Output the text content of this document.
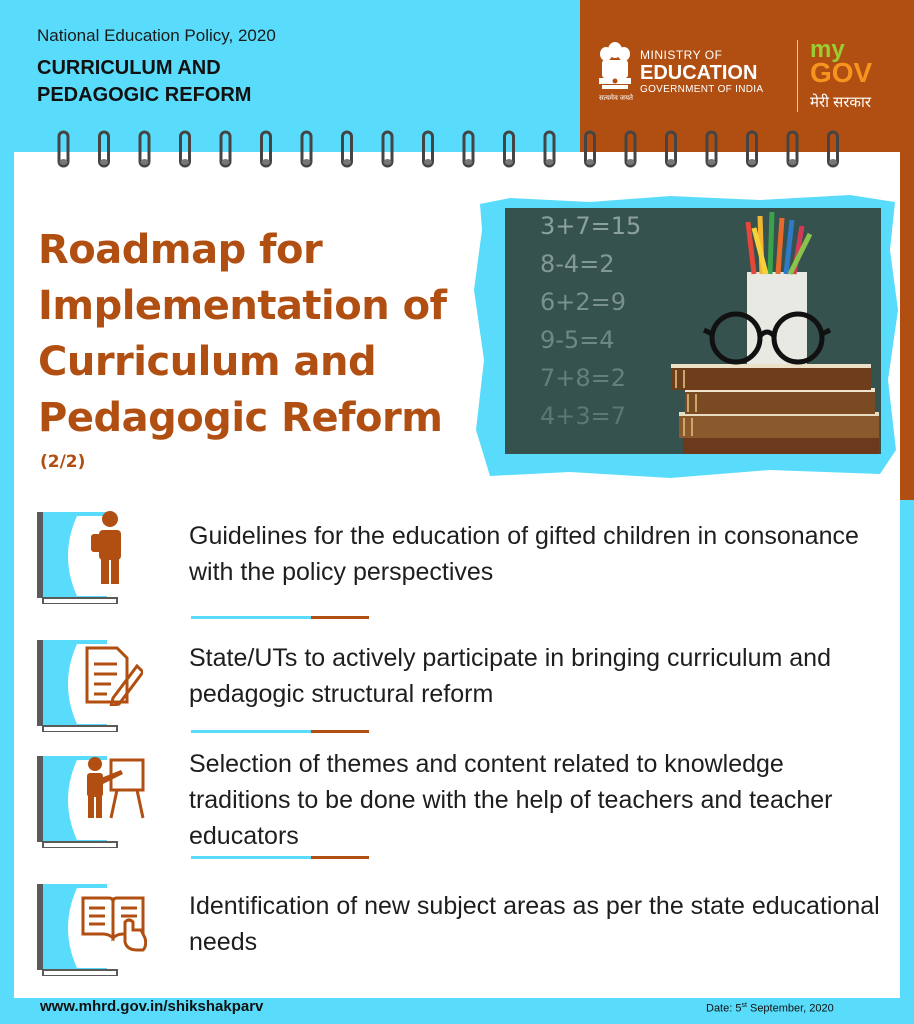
National Education Policy, 2020
CURRICULUM AND
PEDAGOGIC REFORM	सत्यमेव जयते
MINISTRY OF
EDUCATION
GOVERNMENT OF INDIA
my
GOV
मेरी सरकार
Roadmap for
Implementation of
Curriculum and
Pedagogic Reform
(2/2)
3+7=15
8-4=2
6+2=9
9-5=4
7+8=2
4+3=7
Guidelines for the education of gifted children in consonance with the policy perspectives
State/UTs to actively participate in bringing curriculum and pedagogic structural reform
Selection of themes and content related to knowledge traditions to be done with the help of teachers and teacher educators
Identification of new subject areas as per the state educational needs
www.mhrd.gov.in/shikshakparv	Date: 5st September, 2020
